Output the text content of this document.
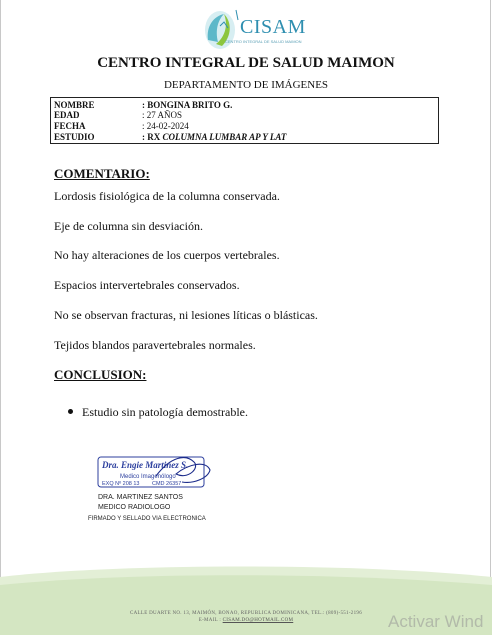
CISAM
CENTRO INTEGRAL DE SALUD MAIMON
CENTRO INTEGRAL DE SALUD MAIMON
DEPARTAMENTO DE IMÁGENES
NOMBRE	: BONGINA BRITO G.
EDAD	: 27 AÑOS
FECHA	: 24-02-2024
ESTUDIO	: RX COLUMNA LUMBAR AP Y LAT
COMENTARIO:
Lordosis fisiológica de la columna conservada.
Eje de columna sin desviación.
No hay alteraciones de los cuerpos vertebrales.
Espacios intervertebrales conservados.
No se observan fracturas, ni lesiones líticas o blásticas.
Tejidos blandos paravertebrales normales.
CONCLUSION:
Estudio sin patología demostrable.
Dra. Engie Martinez S.
Medico Imagenólogo
EXQ Nº 208 13 CMD 26357
DRA. MARTINEZ SANTOS
MEDICO RADIOLOGO
FIRMADO Y SELLADO VIA ELECTRONICA
CALLE DUARTE NO. 13, MAIMÓN, BONAO, REPUBLICA DOMINICANA, TEL.: (809)-551-2196
E-MAIL : CISAM.DO@HOTMAIL.COM	Activar Wind
